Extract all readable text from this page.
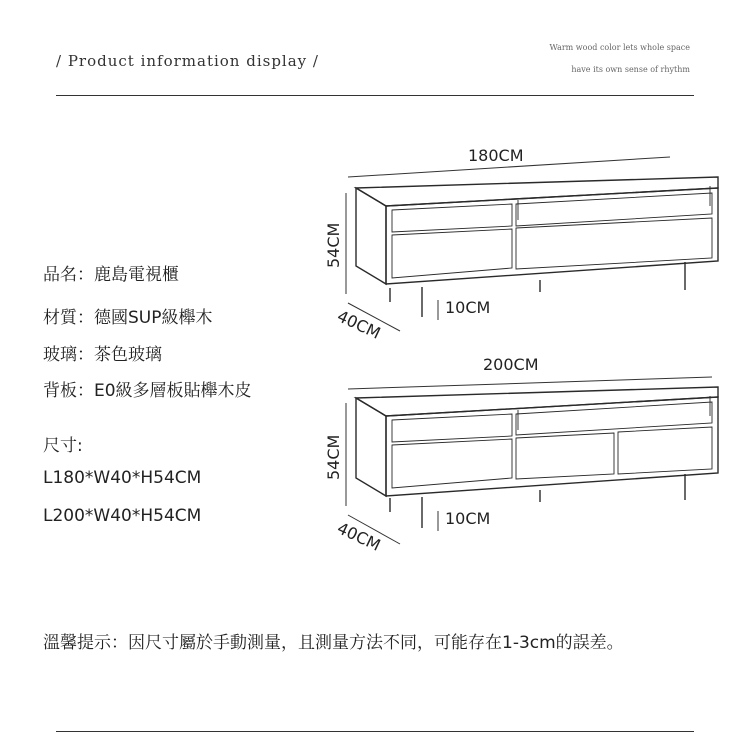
/ Product information display /
Warm wood color lets whole space
have its own sense of rhythm
品名 ： 鹿島電視櫃
材質 ： 德國SUP級櫸木
玻璃 ： 茶色玻璃
背板 ： E0級多層板貼櫸木皮
尺寸:
L180*W40*H54CM
L200*W40*H54CM
180CM
54CM
40CM	10CM
200CM
54CM
40CM	10CM
溫馨提示：因尺寸屬於手動測量，且測量方法不同，可能存在1-3cm的誤差。
